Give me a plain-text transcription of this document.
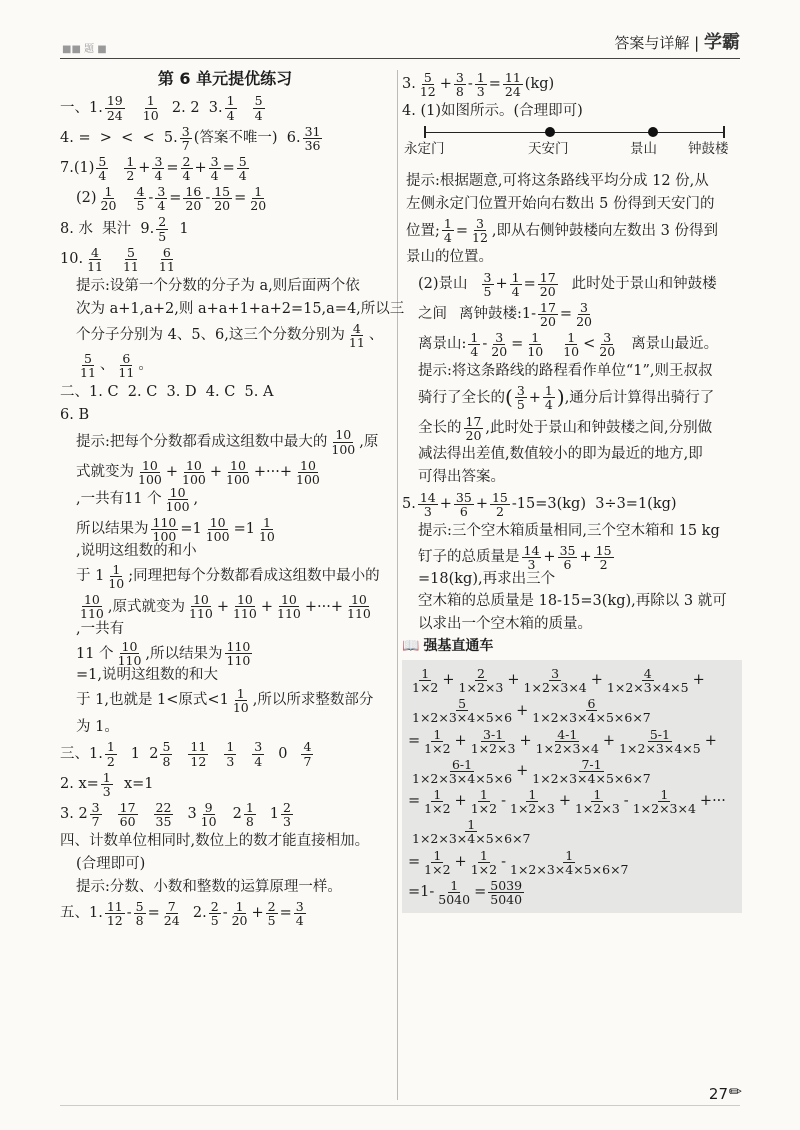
■■ 题 ■	答案与详解 | 学霸
第 6 单元提优练习
一、1. $\frac{19}{24} \frac{1}{10} 2$. 2  3. $\frac{1}{4} \frac{5}{4}$
4. =  >  <  <  5. $\frac{3}{7}$ (答案不唯一)  6. $\frac{31}{36}$
$7.(1) \frac{5}{4} \frac{1}{2} + \frac{3}{4} = \frac{2}{4} + \frac{3}{4} = \frac{5}{4}$
$(2) \frac{1}{20} \frac{4}{5} - \frac{3}{4} = \frac{16}{20} - \frac{15}{20} = \frac{1}{20}$
8. 水  果汁  9. $\frac{2}{5} 1$
10. $\frac{4}{11} \frac{5}{11} \frac{6}{11}$
提示:设第一个分数的分子为 a,则后面两个依
次为 a+1,a+2,则 a+a+1+a+2=15,a=4,所以三
个分子分别为 4、5、6,这三个分数分别为 $\frac{4}{11}$ 、
$\frac{5}{11}$ 、 $\frac{6}{11}$ 。
二、1. C  2. C  3. D  4. C  5. A
6. B
提示:把每个分数都看成这组数中最大的 $\frac{10}{100}$ ,原
式就变为 $\frac{10}{100} + \frac{10}{100} + \frac{10}{100}$ +···+ $\frac{10}{100}$
,一共有11 个 $\frac{10}{100}$ ,
所以结果为 $\frac{110}{100} =1 \frac{10}{100} =1 \frac{1}{10}$
,说明这组数的和小
于 $1 \frac{1}{10}$ ;同理把每个分数都看成这组数中最小的
$\frac{10}{110}$ ,原式就变为 $\frac{10}{110} + \frac{10}{110} + \frac{10}{110}$ +···+ $\frac{10}{110}$
,一共有
11 个 $\frac{10}{110}$ ,所以结果为 $\frac{110}{110}$
=1,说明这组数的和大
于 1,也就是 1<原式$<1 \frac{1}{10}$ ,所以所求整数部分
为 1。
三、1. $\frac{1}{2} 1$  $2 \frac{5}{8} \frac{11}{12} \frac{1}{3} \frac{3}{4} 0 \frac{4}{7}$
2. $x= \frac{1}{3} x=1$
3. $2 \frac{3}{7} \frac{17}{60} \frac{22}{35} 3 \frac{9}{10} 2 \frac{1}{8} 1 \frac{2}{3}$
四、计数单位相同时,数位上的数才能直接相加。
(合理即可)
提示:分数、小数和整数的运算原理一样。
五、1. $\frac{11}{12} - \frac{5}{8} = \frac{7}{24} 2$. $\frac{2}{5} - \frac{1}{20} + \frac{2}{5} = \frac{3}{4}$
3. $\frac{5}{12} + \frac{3}{8} - \frac{1}{3} = \frac{11}{24} (kg)$
4. (1)如图所示。(合理即可)
永定门	天安门	景山 钟鼓楼
提示:根据题意,可将这条路线平均分成 12 份,从
左侧永定门位置开始向右数出 5 份得到天安门的
位置; $\frac{1}{4} = \frac{3}{12}$ ,即从右侧钟鼓楼向左数出 3 份得到
景山的位置。
(2)景山 $\frac{3}{5} + \frac{1}{4} = \frac{17}{20}$ 此时处于景山和钟鼓楼
之间 离钟鼓楼:1- $\frac{17}{20} = \frac{3}{20}$
离景山: $\frac{1}{4} - \frac{3}{20} = \frac{1}{10} \frac{1}{10} < \frac{3}{20}$ 离景山最近。
提示:将这条路线的路程看作单位“1”,则王叔叔
骑行了全长的 ( $\frac{3}{5} + \frac{1}{4}$ ) ,通分后计算得出骑行了
全长的 $\frac{17}{20}$ ,此时处于景山和钟鼓楼之间,分别做
减法得出差值,数值较小的即为最近的地方,即
可得出答案。
5. $\frac{14}{3} + \frac{35}{6} + \frac{15}{2} -15=3(kg)$  3÷3=1(kg)
提示:三个空木箱质量相同,三个空木箱和 15 kg
钉子的总质量是 $\frac{14}{3} + \frac{35}{6} + \frac{15}{2}$
=18(kg),再求出三个
空木箱的总质量是 18-15=3(kg),再除以 3 就可
以求出一个空木箱的质量。
📖 强基直通车
$\frac{1}{1\times 2} + \frac{2}{1\times 2\times 3} + \frac{3}{1\times 2\times 3\times 4} + \frac{4}{1\times 2\times 3\times 4\times 5}$ +
$\frac{5}{1\times 2\times 3\times 4\times 5\times 6} + \frac{6}{1\times 2\times 3\times 4\times 5\times 6\times 7}$
= $\frac{1}{1\times 2} + \frac{3-1}{1\times 2\times 3} + \frac{4-1}{1\times 2\times 3\times 4} + \frac{5-1}{1\times 2\times 3\times 4\times 5}$ +
$\frac{6-1}{1\times 2\times 3\times 4\times 5\times 6} + \frac{7-1}{1\times 2\times 3\times 4\times 5\times 6\times 7}$
= $\frac{1}{1\times 2} + \frac{1}{1\times 2} - \frac{1}{1\times 2\times 3} + \frac{1}{1\times 2\times 3} - \frac{1}{1\times 2\times 3\times 4}$ +···
$\frac{1}{1\times 2\times 3\times 4\times 5\times 6\times 7}$
= $\frac{1}{1\times 2} + \frac{1}{1\times 2} - \frac{1}{1\times 2\times 3\times 4\times 5\times 6\times 7}$
$=1- \frac{1}{5040} = \frac{5039}{5040}$
27 ✏
